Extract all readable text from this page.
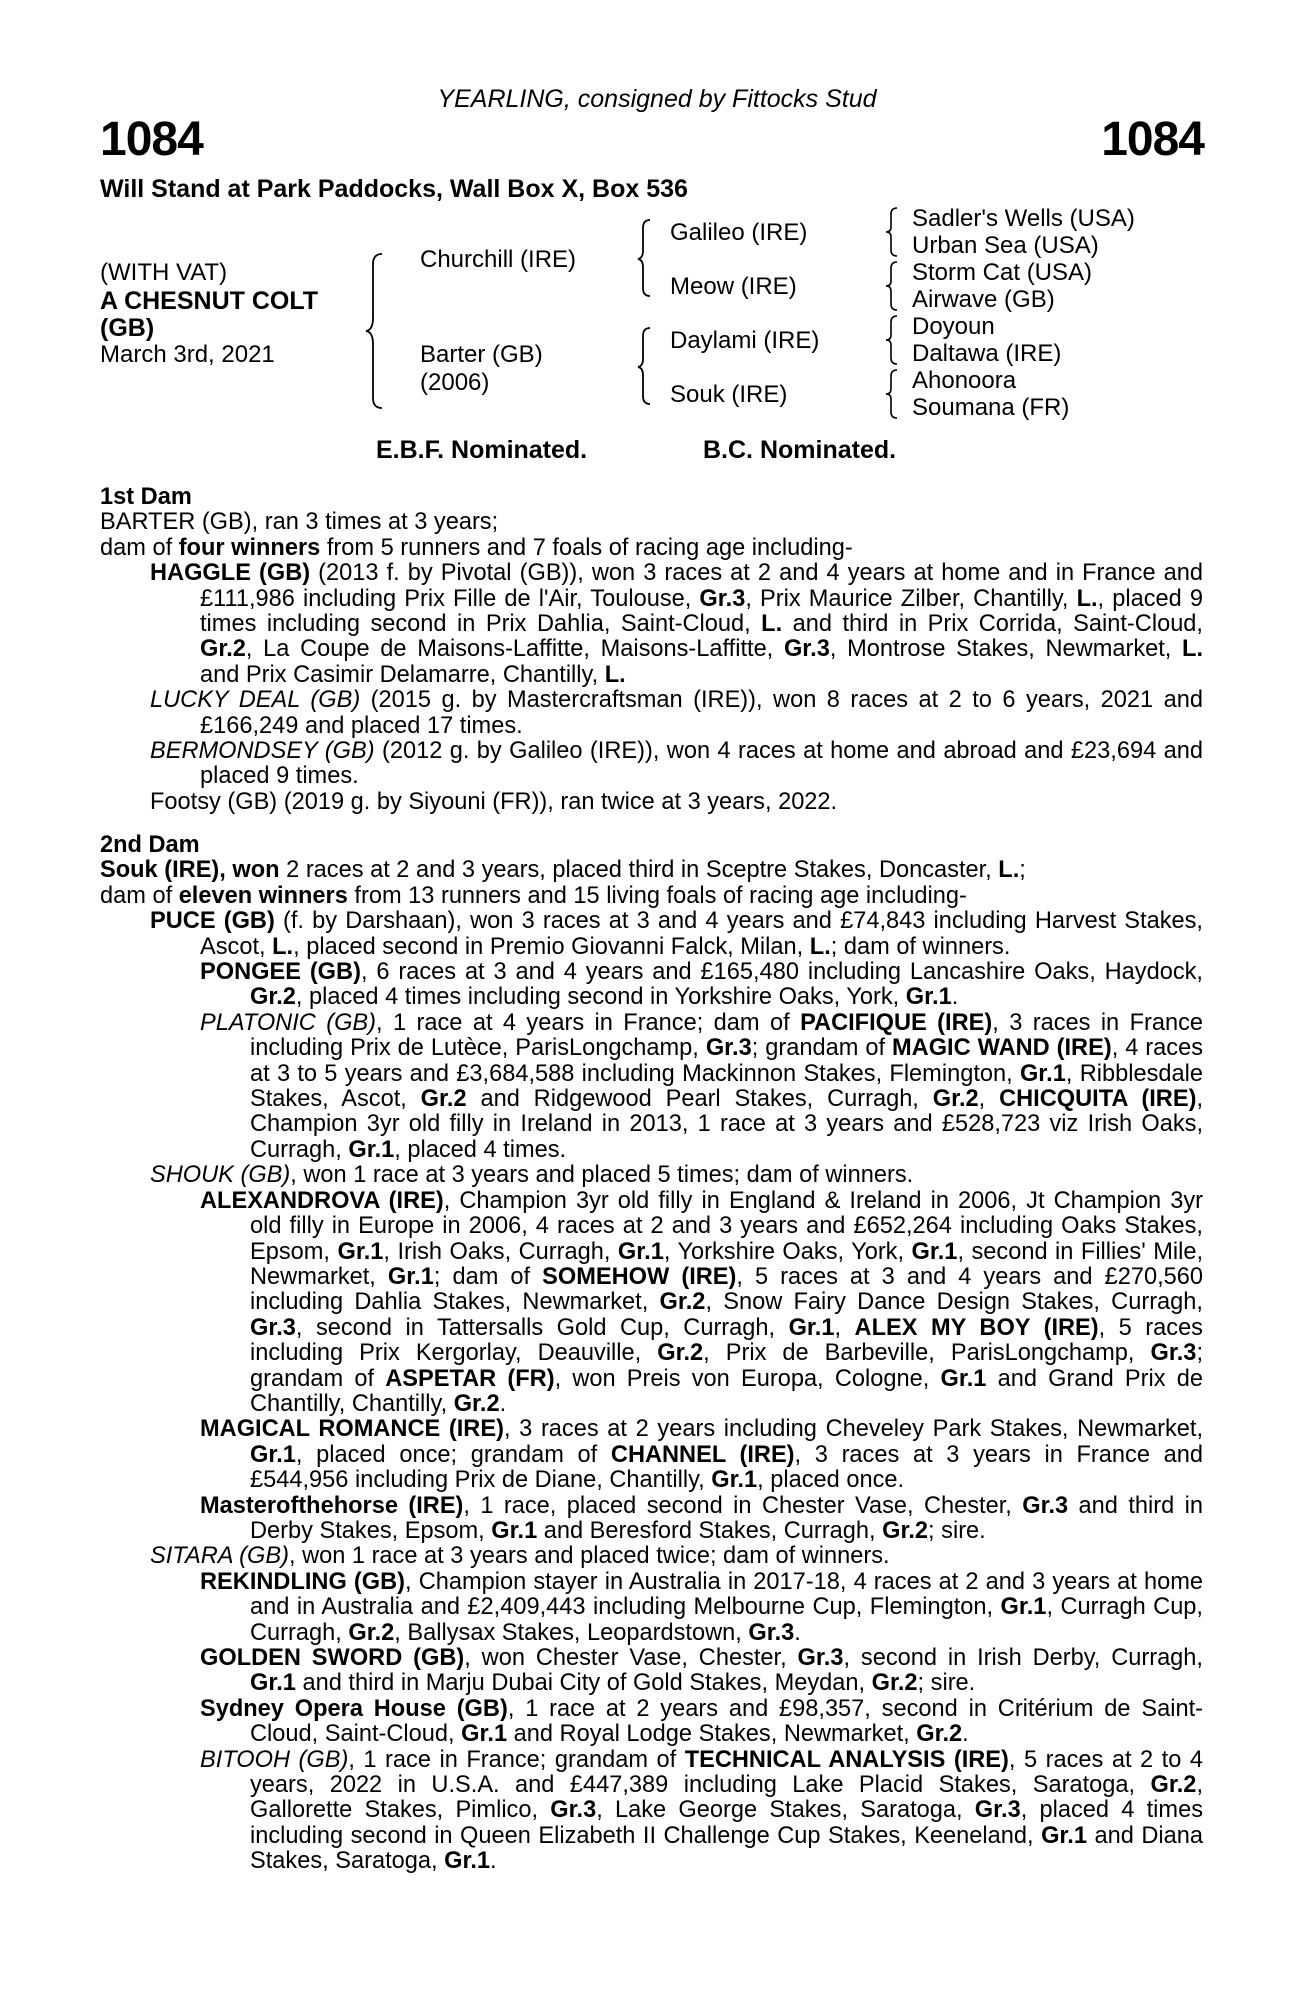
YEARLING, consigned by Fittocks Stud
1084	1084
Will Stand at Park Paddocks, Wall Box X, Box 536
(WITH VAT)
A CHESNUT COLT
(GB)
March 3rd, 2021
Churchill (IRE)
Barter (GB)
(2006)
Galileo (IRE)
Meow (IRE)
Daylami (IRE)
Souk (IRE)
Sadler's Wells (USA)
Urban Sea (USA)
Storm Cat (USA)
Airwave (GB)
Doyoun
Daltawa (IRE)
Ahonoora
Soumana (FR)
E.B.F. Nominated.	B.C. Nominated.

1st Dam

BARTER (GB), ran 3 times at 3 years;

dam of four winners from 5 runners and 7 foals of racing age including-

HAGGLE (GB) (2013 f. by Pivotal (GB)), won 3 races at 2 and 4 years at home and in France and £111,986 including Prix Fille de l'Air, Toulouse, Gr.3, Prix Maurice Zilber, Chantilly, L., placed 9 times including second in Prix Dahlia, Saint-Cloud, L. and third in Prix Corrida, Saint-Cloud, Gr.2, La Coupe de Maisons-Laffitte, Maisons-Laffitte, Gr.3, Montrose Stakes, Newmarket, L. and Prix Casimir Delamarre, Chantilly, L.

LUCKY DEAL (GB) (2015 g. by Mastercraftsman (IRE)), won 8 races at 2 to 6 years, 2021 and £166,249 and placed 17 times.

BERMONDSEY (GB) (2012 g. by Galileo (IRE)), won 4 races at home and abroad and £23,694 and placed 9 times.

Footsy (GB) (2019 g. by Siyouni (FR)), ran twice at 3 years, 2022.

2nd Dam

Souk (IRE), won 2 races at 2 and 3 years, placed third in Sceptre Stakes, Doncaster, L.;

dam of eleven winners from 13 runners and 15 living foals of racing age including-

PUCE (GB) (f. by Darshaan), won 3 races at 3 and 4 years and £74,843 including Harvest Stakes, Ascot, L., placed second in Premio Giovanni Falck, Milan, L.; dam of winners.

PONGEE (GB), 6 races at 3 and 4 years and £165,480 including Lancashire Oaks, Haydock, Gr.2, placed 4 times including second in Yorkshire Oaks, York, Gr.1.

PLATONIC (GB), 1 race at 4 years in France; dam of PACIFIQUE (IRE), 3 races in France including Prix de Lutèce, ParisLongchamp, Gr.3; grandam of MAGIC WAND (IRE), 4 races at 3 to 5 years and £3,684,588 including Mackinnon Stakes, Flemington, Gr.1, Ribblesdale Stakes, Ascot, Gr.2 and Ridgewood Pearl Stakes, Curragh, Gr.2, CHICQUITA (IRE), Champion 3yr old filly in Ireland in 2013, 1 race at 3 years and £528,723 viz Irish Oaks, Curragh, Gr.1, placed 4 times.

SHOUK (GB), won 1 race at 3 years and placed 5 times; dam of winners.

ALEXANDROVA (IRE), Champion 3yr old filly in England & Ireland in 2006, Jt Champion 3yr old filly in Europe in 2006, 4 races at 2 and 3 years and £652,264 including Oaks Stakes, Epsom, Gr.1, Irish Oaks, Curragh, Gr.1, Yorkshire Oaks, York, Gr.1, second in Fillies' Mile, Newmarket, Gr.1; dam of SOMEHOW (IRE), 5 races at 3 and 4 years and £270,560 including Dahlia Stakes, Newmarket, Gr.2, Snow Fairy Dance Design Stakes, Curragh, Gr.3, second in Tattersalls Gold Cup, Curragh, Gr.1, ALEX MY BOY (IRE), 5 races including Prix Kergorlay, Deauville, Gr.2, Prix de Barbeville, ParisLongchamp, Gr.3; grandam of ASPETAR (FR), won Preis von Europa, Cologne, Gr.1 and Grand Prix de Chantilly, Chantilly, Gr.2.

MAGICAL ROMANCE (IRE), 3 races at 2 years including Cheveley Park Stakes, Newmarket, Gr.1, placed once; grandam of CHANNEL (IRE), 3 races at 3 years in France and £544,956 including Prix de Diane, Chantilly, Gr.1, placed once.

Masterofthehorse (IRE), 1 race, placed second in Chester Vase, Chester, Gr.3 and third in Derby Stakes, Epsom, Gr.1 and Beresford Stakes, Curragh, Gr.2; sire.

SITARA (GB), won 1 race at 3 years and placed twice; dam of winners.

REKINDLING (GB), Champion stayer in Australia in 2017-18, 4 races at 2 and 3 years at home and in Australia and £2,409,443 including Melbourne Cup, Flemington, Gr.1, Curragh Cup, Curragh, Gr.2, Ballysax Stakes, Leopardstown, Gr.3.

GOLDEN SWORD (GB), won Chester Vase, Chester, Gr.3, second in Irish Derby, Curragh, Gr.1 and third in Marju Dubai City of Gold Stakes, Meydan, Gr.2; sire.

Sydney Opera House (GB), 1 race at 2 years and £98,357, second in Critérium de Saint-Cloud, Saint-Cloud, Gr.1 and Royal Lodge Stakes, Newmarket, Gr.2.

BITOOH (GB), 1 race in France; grandam of TECHNICAL ANALYSIS (IRE), 5 races at 2 to 4 years, 2022 in U.S.A. and £447,389 including Lake Placid Stakes, Saratoga, Gr.2, Gallorette Stakes, Pimlico, Gr.3, Lake George Stakes, Saratoga, Gr.3, placed 4 times including second in Queen Elizabeth II Challenge Cup Stakes, Keeneland, Gr.1 and Diana Stakes, Saratoga, Gr.1.
